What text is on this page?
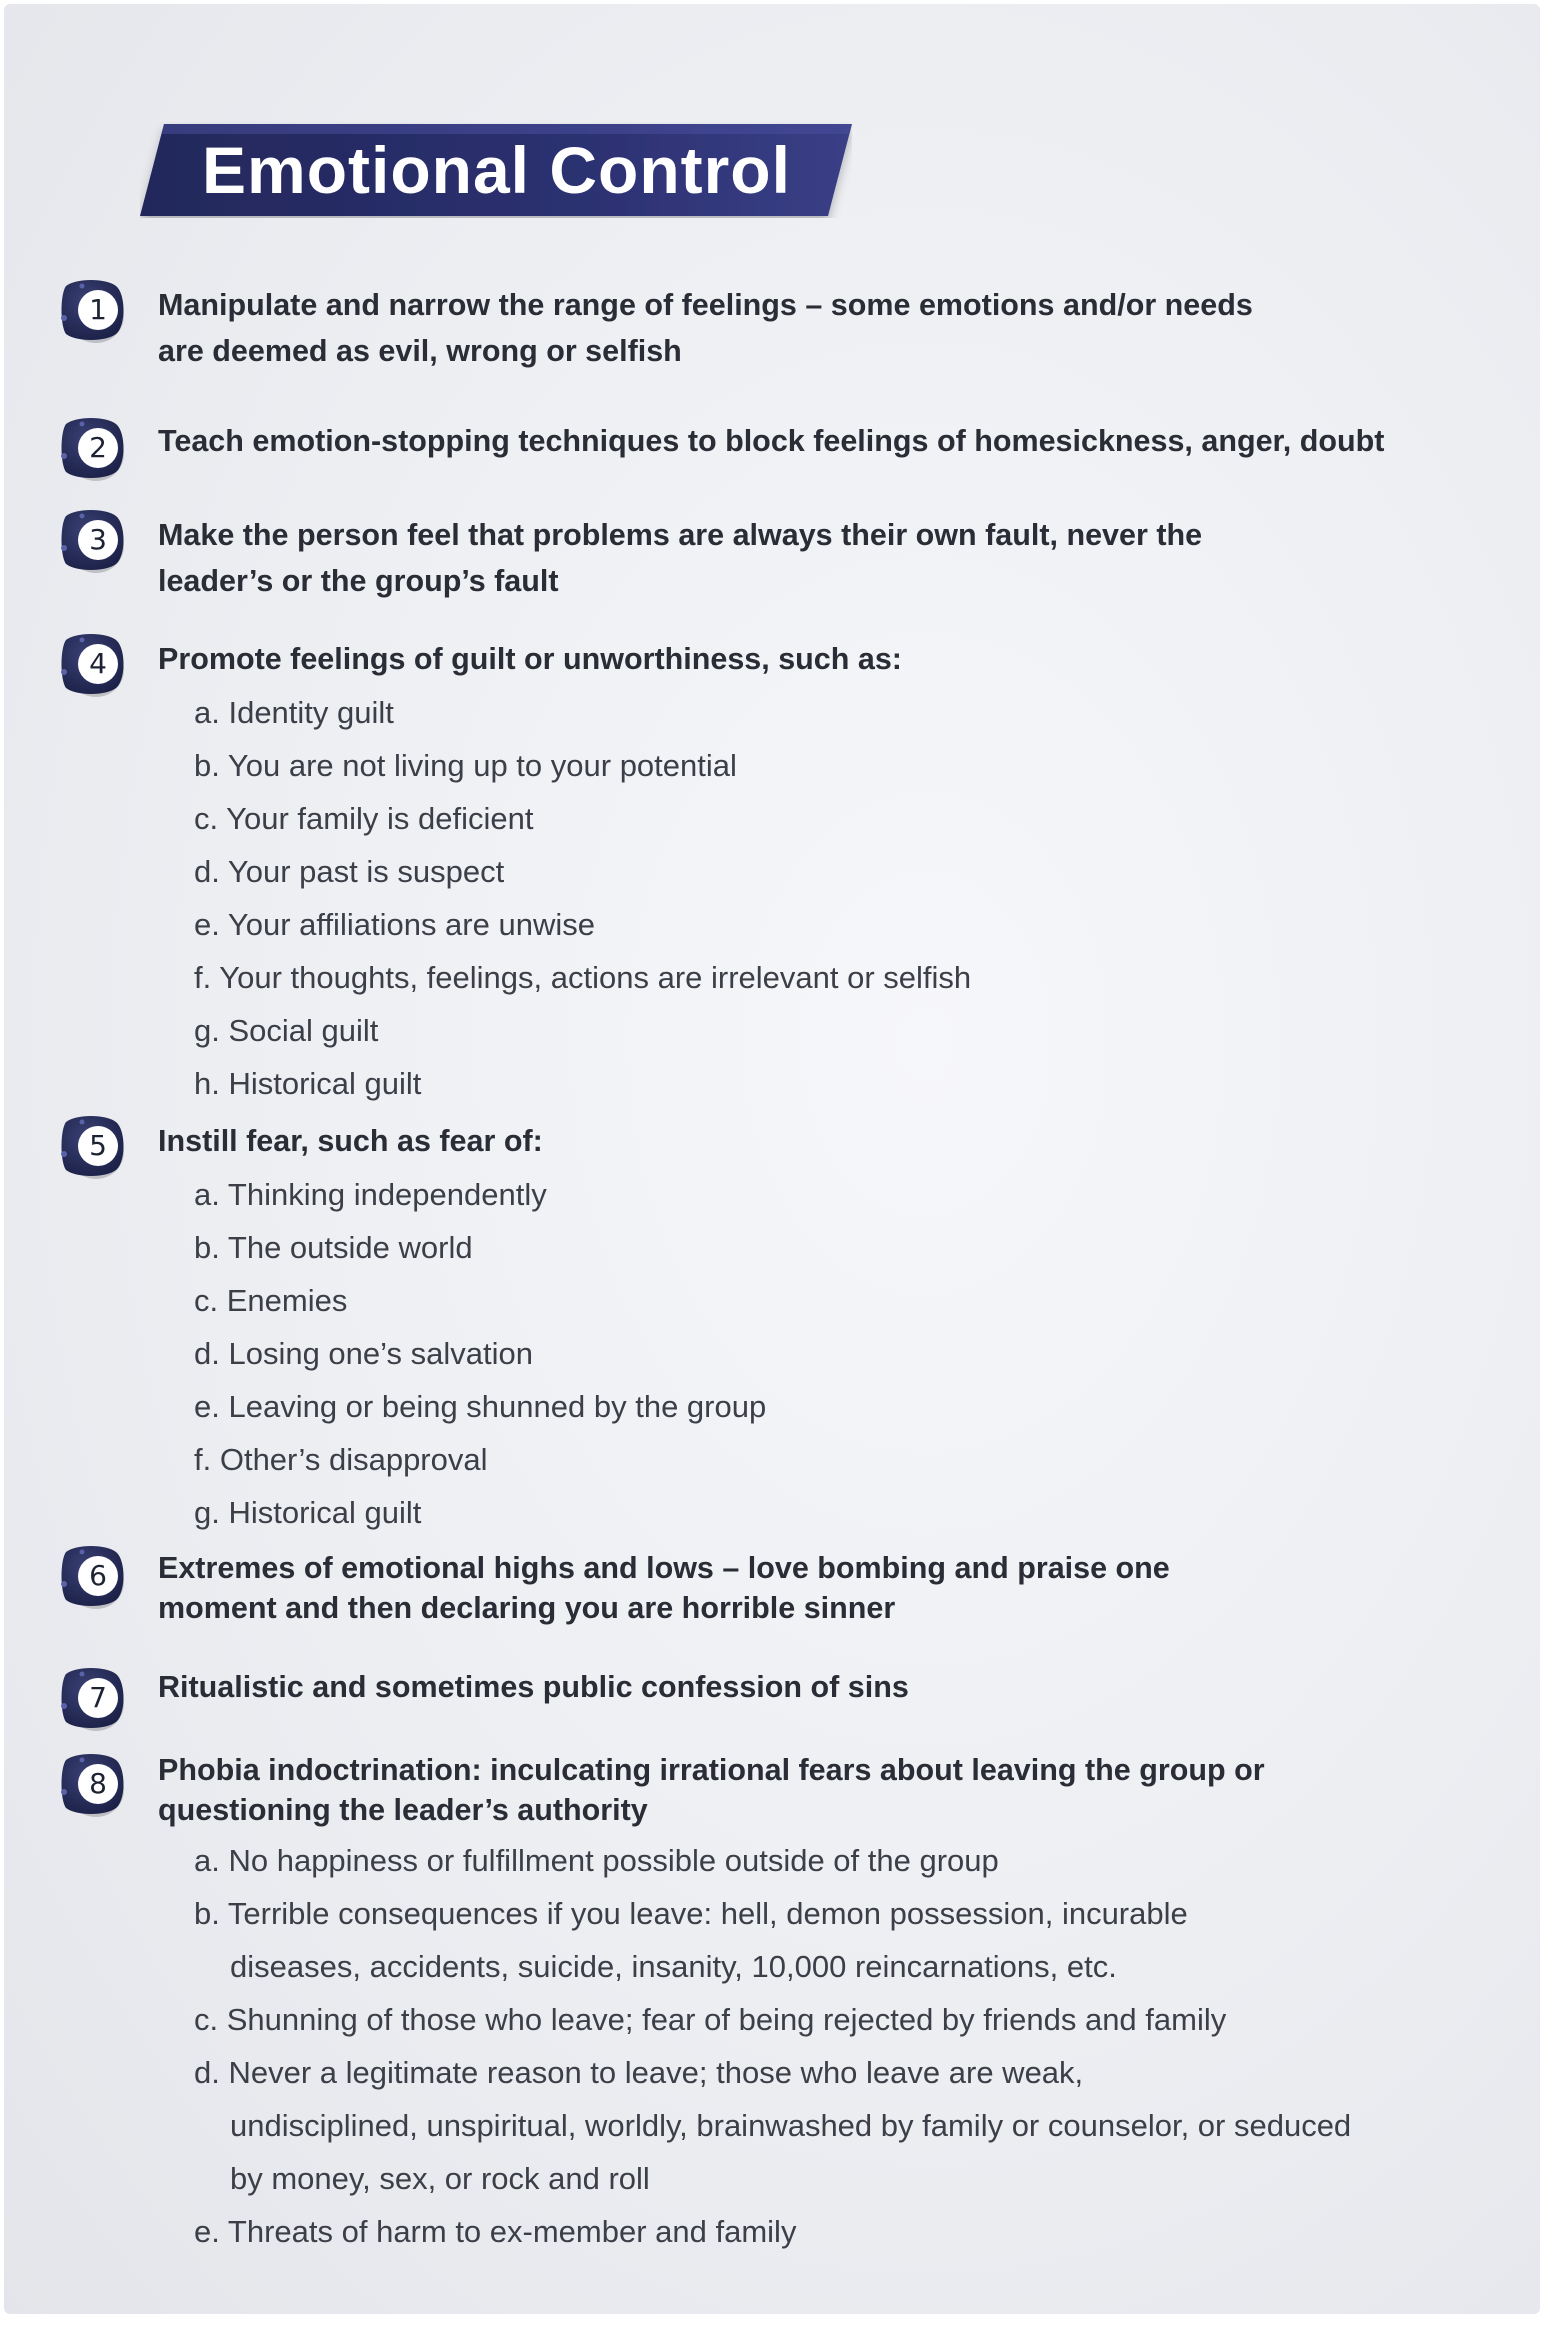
Emotional Control
1	Manipulate and narrow the range of feelings – some emotions and/or needs
are deemed as evil, wrong or selfish
2	Teach emotion-stopping techniques to block feelings of homesickness, anger, doubt
3	Make the person feel that problems are always their own fault, never the
leader’s or the group’s fault
4	Promote feelings of guilt or unworthiness, such as:
a. Identity guilt
b. You are not living up to your potential
c. Your family is deficient
d. Your past is suspect
e. Your affiliations are unwise
f. Your thoughts, feelings, actions are irrelevant or selfish
g. Social guilt
h. Historical guilt
5	Instill fear, such as fear of:
a. Thinking independently
b. The outside world
c. Enemies
d. Losing one’s salvation
e. Leaving or being shunned by the group
f. Other’s disapproval
g. Historical guilt
6	Extremes of emotional highs and lows – love bombing and praise one
moment and then declaring you are horrible sinner
7	Ritualistic and sometimes public confession of sins
8	Phobia indoctrination: inculcating irrational fears about leaving the group or
questioning the leader’s authority
a. No happiness or fulfillment possible outside of the group
b. Terrible consequences if you leave: hell, demon possession, incurable
diseases, accidents, suicide, insanity, 10,000 reincarnations, etc.
c. Shunning of those who leave; fear of being rejected by friends and family
d. Never a legitimate reason to leave; those who leave are weak,
undisciplined, unspiritual, worldly, brainwashed by family or counselor, or seduced
by money, sex, or rock and roll
e. Threats of harm to ex-member and family
